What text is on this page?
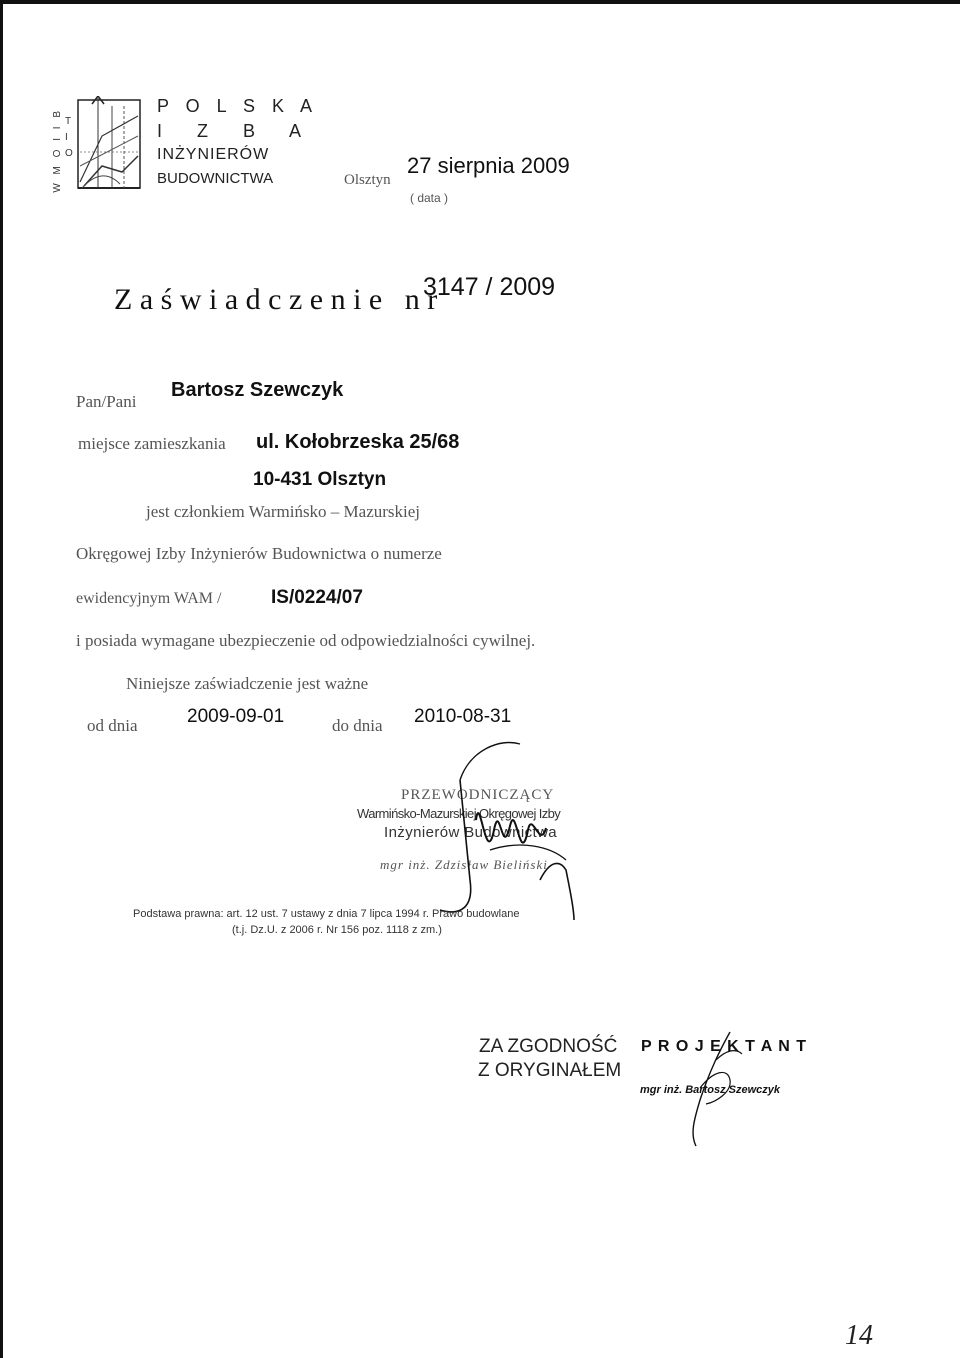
T
I
O
W M O I I B
P O L S K A
I   Z   B   A
INŻYNIERÓW
BUDOWNICTWA	Olsztyn
27 sierpnia 2009
( data )
Z a ś w i a d c z e n i e   n r
3147 / 2009
Pan/Pani
Bartosz Szewczyk
miejsce zamieszkania ul. Kołobrzeska 25/68
10-431 Olsztyn
jest członkiem Warmińsko – Mazurskiej
Okręgowej Izby Inżynierów Budownictwa o numerze
ewidencyjnym WAM /	IS/0224/07
i posiada wymagane ubezpieczenie od odpowiedzialności cywilnej.
Niniejsze zaświadczenie jest ważne
od dnia	2009-09-01	do dnia 2010-08-31
PRZEWODNICZĄCY
Warmińsko-Mazurskiej Okręgowej Izby
Inżynierów Budownictwa
mgr inż. Zdzisław Bieliński
Podstawa prawna: art. 12 ust. 7 ustawy z dnia 7 lipca 1994 r. Prawo budowlane
(t.j. Dz.U. z 2006 r. Nr 156 poz. 1118 z zm.)
ZA ZGODNOŚĆ
Z ORYGINAŁEM
P R O J E K T A N T
mgr inż. Bartosz Szewczyk
14
